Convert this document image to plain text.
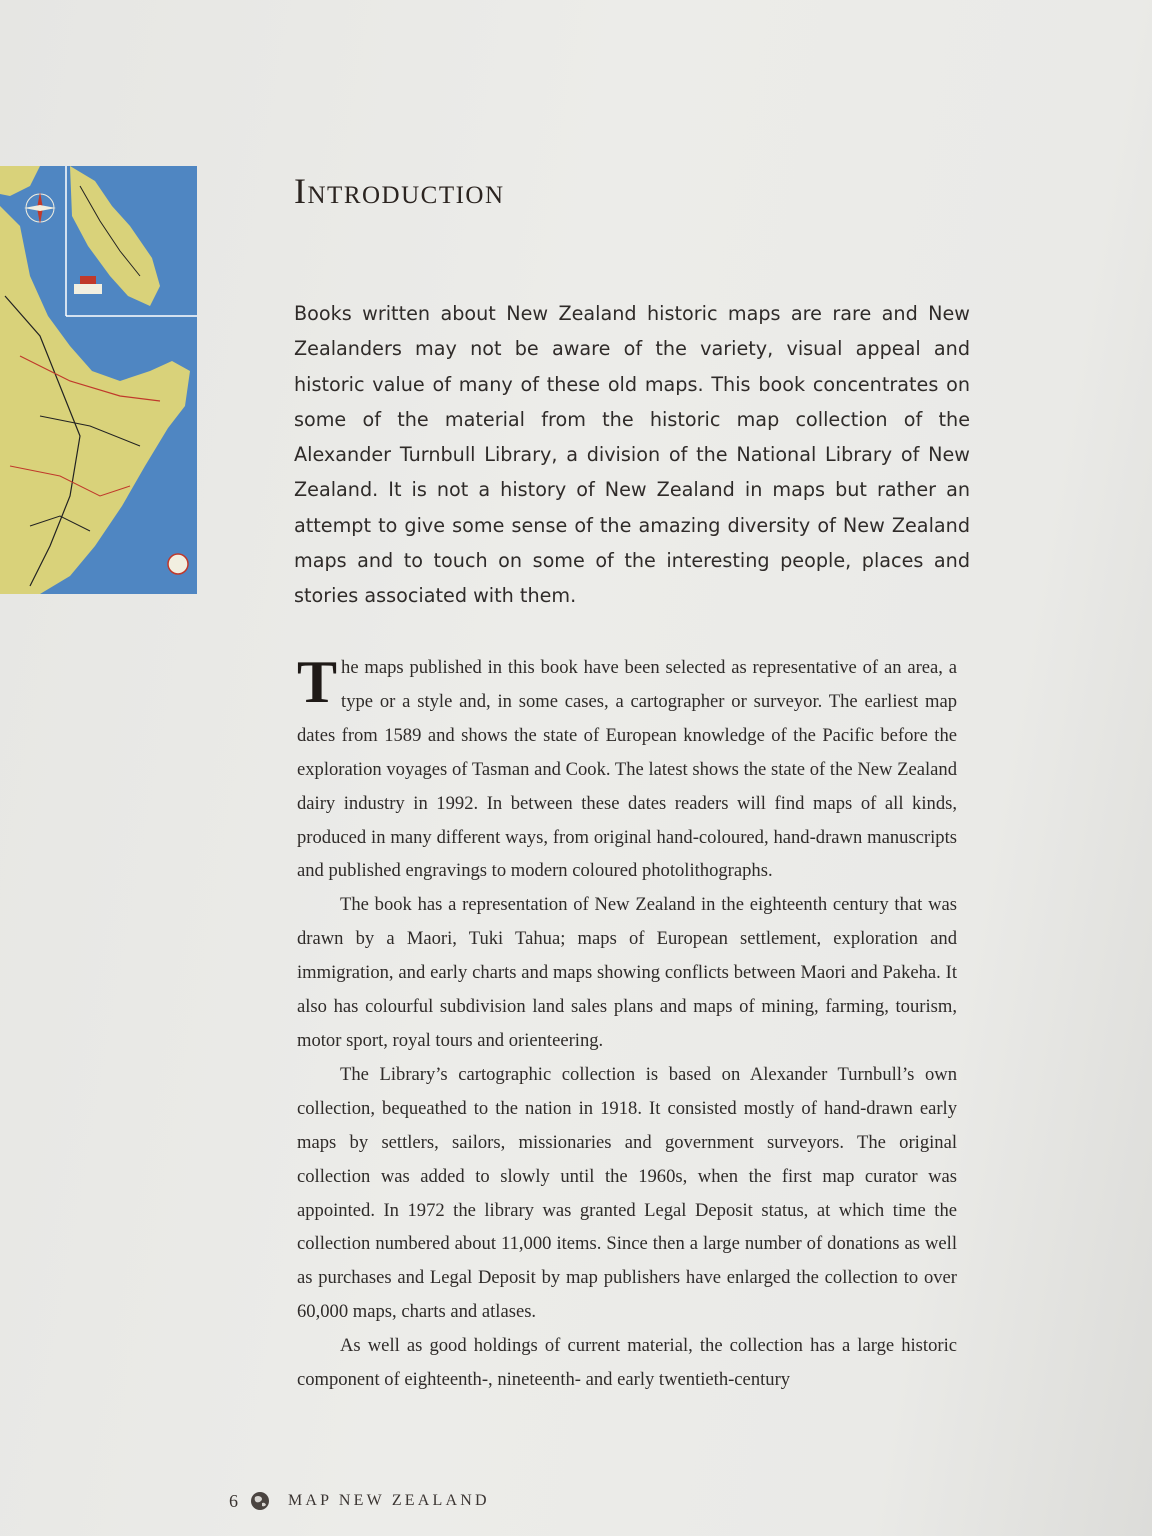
Introduction

Books written about New Zealand historic maps are rare and New Zealanders may not be aware of the variety, visual appeal and historic value of many of these old maps. This book concentrates on some of the material from the historic map collection of the Alexander Turnbull Library, a division of the National Library of New Zealand. It is not a history of New Zealand in maps but rather an attempt to give some sense of the amazing diversity of New Zealand maps and to touch on some of the interesting people, places and stories associated with them.

The maps published in this book have been selected as representative of an area, a type or a style and, in some cases, a cartographer or surveyor. The earliest map dates from 1589 and shows the state of European knowledge of the Pacific before the exploration voyages of Tasman and Cook. The latest shows the state of the New Zealand dairy industry in 1992. In between these dates readers will find maps of all kinds, produced in many different ways, from original hand-coloured, hand-drawn manuscripts and published engravings to modern coloured photolithographs.

The book has a representation of New Zealand in the eighteenth century that was drawn by a Maori, Tuki Tahua; maps of European settlement, exploration and immigration, and early charts and maps showing conflicts between Maori and Pakeha. It also has colourful subdivision land sales plans and maps of mining, farming, tourism, motor sport, royal tours and orienteering.

The Library’s cartographic collection is based on Alexander Turnbull’s own collection, bequeathed to the nation in 1918. It consisted mostly of hand-drawn early maps by settlers, sailors, missionaries and government surveyors. The original collection was added to slowly until the 1960s, when the first map curator was appointed. In 1972 the library was granted Legal Deposit status, at which time the collection numbered about 11,000 items. Since then a large number of donations as well as purchases and Legal Deposit by map publishers have enlarged the collection to over 60,000 maps, charts and atlases.

As well as good holdings of current material, the collection has a large historic component of eighteenth-, nineteenth- and early twentieth-century

6	MAP NEW ZEALAND
